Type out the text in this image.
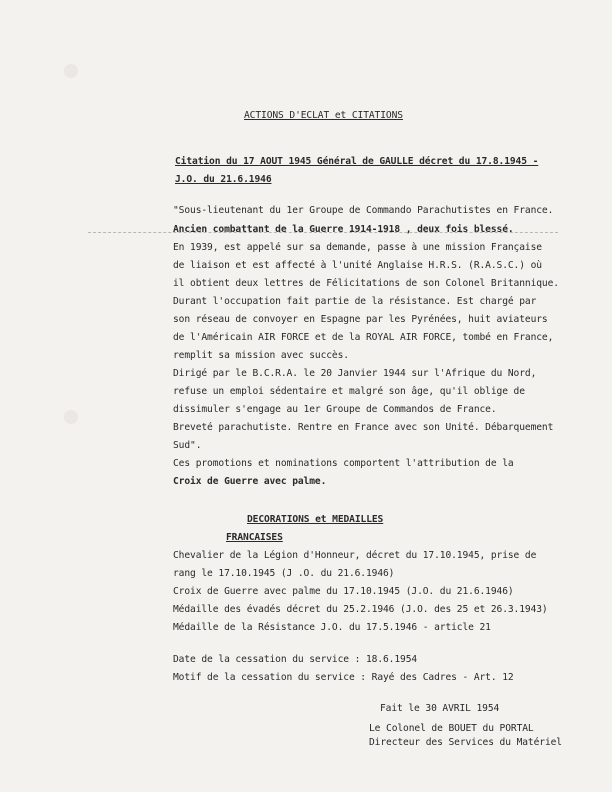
ACTIONS D'ECLAT et CITATIONS
Citation du 17 AOUT 1945 Général de GAULLE décret du 17.8.1945 -
J.O. du 21.6.1946
"Sous-lieutenant du 1er Groupe de Commando Parachutistes en France.
Ancien combattant de la Guerre 1914-1918 , deux fois blessé.
En 1939, est appelé sur sa demande, passe à une mission Française
de liaison et est affecté à l'unité Anglaise H.R.S. (R.A.S.C.) où
il obtient deux lettres de Félicitations de son Colonel Britannique.
Durant l'occupation fait partie de la résistance. Est chargé par
son réseau de convoyer en Espagne par les Pyrénées, huit aviateurs
de l'Américain AIR FORCE et de la ROYAL AIR FORCE, tombé en France,
remplit sa mission avec succès.
Dirigé par le B.C.R.A. le 20 Janvier 1944 sur l'Afrique du Nord,
refuse un emploi sédentaire et malgré son âge, qu'il oblige de
dissimuler s'engage au 1er Groupe de Commandos de France.
Breveté parachutiste. Rentre en France avec son Unité. Débarquement
Sud".
Ces promotions et nominations comportent l'attribution de la
Croix de Guerre avec palme.
DECORATIONS et MEDAILLES
FRANCAISES
Chevalier de la Légion d'Honneur, décret du 17.10.1945, prise de
rang le 17.10.1945 (J .O. du 21.6.1946)
Croix de Guerre avec palme du 17.10.1945 (J.O. du 21.6.1946)
Médaille des évadés décret du 25.2.1946 (J.O. des 25 et 26.3.1943)
Médaille de la Résistance J.O. du 17.5.1946 - article 21
Date de la cessation du service : 18.6.1954
Motif de la cessation du service : Rayé des Cadres - Art. 12
Fait le 30 AVRIL 1954
Le Colonel de BOUET du PORTAL
Directeur des Services du Matériel
